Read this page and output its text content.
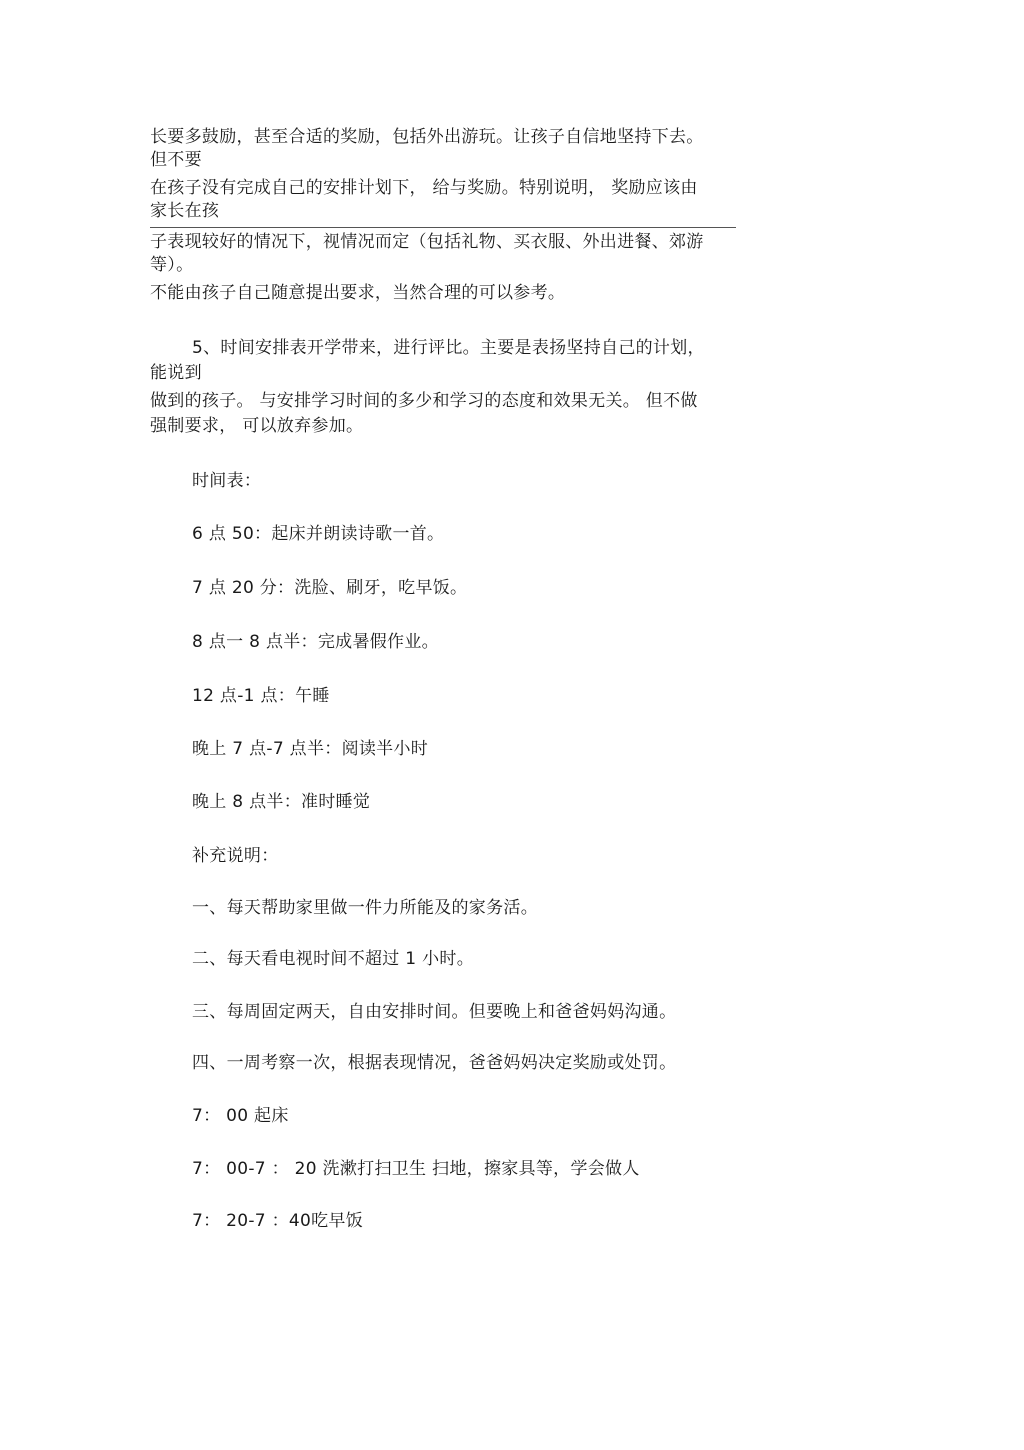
长要多鼓励，甚至合适的奖励，包括外出游玩。让孩子自信地坚持下去。
但不要
在孩子没有完成自己的安排计划下， 给与奖励。特别说明， 奖励应该由
家长在孩
子表现较好的情况下，视情况而定（包括礼物、买衣服、外出进餐、郊游
等）。
不能由孩子自己随意提出要求，当然合理的可以参考。
5、时间安排表开学带来，进行评比。主要是表扬坚持自己的计划，
能说到
做到的孩子。 与安排学习时间的多少和学习的态度和效果无关。 但不做
强制要求， 可以放弃参加。
时间表：
6 点 50：起床并朗读诗歌一首。
7 点 20 分：洗脸、刷牙，吃早饭。
8 点一 8 点半：完成暑假作业。
12 点-1 点：午睡
晚上 7 点-7 点半：阅读半小时
晚上 8 点半：准时睡觉
补充说明：
一、每天帮助家里做一件力所能及的家务活。
二、每天看电视时间不超过 1 小时。
三、每周固定两天，自由安排时间。但要晚上和爸爸妈妈沟通。
四、一周考察一次，根据表现情况，爸爸妈妈决定奖励或处罚。
7： 00 起床
7： 00-7 ： 20 洗漱打扫卫生 扫地，擦家具等，学会做人
7： 20-7 ：40吃早饭
